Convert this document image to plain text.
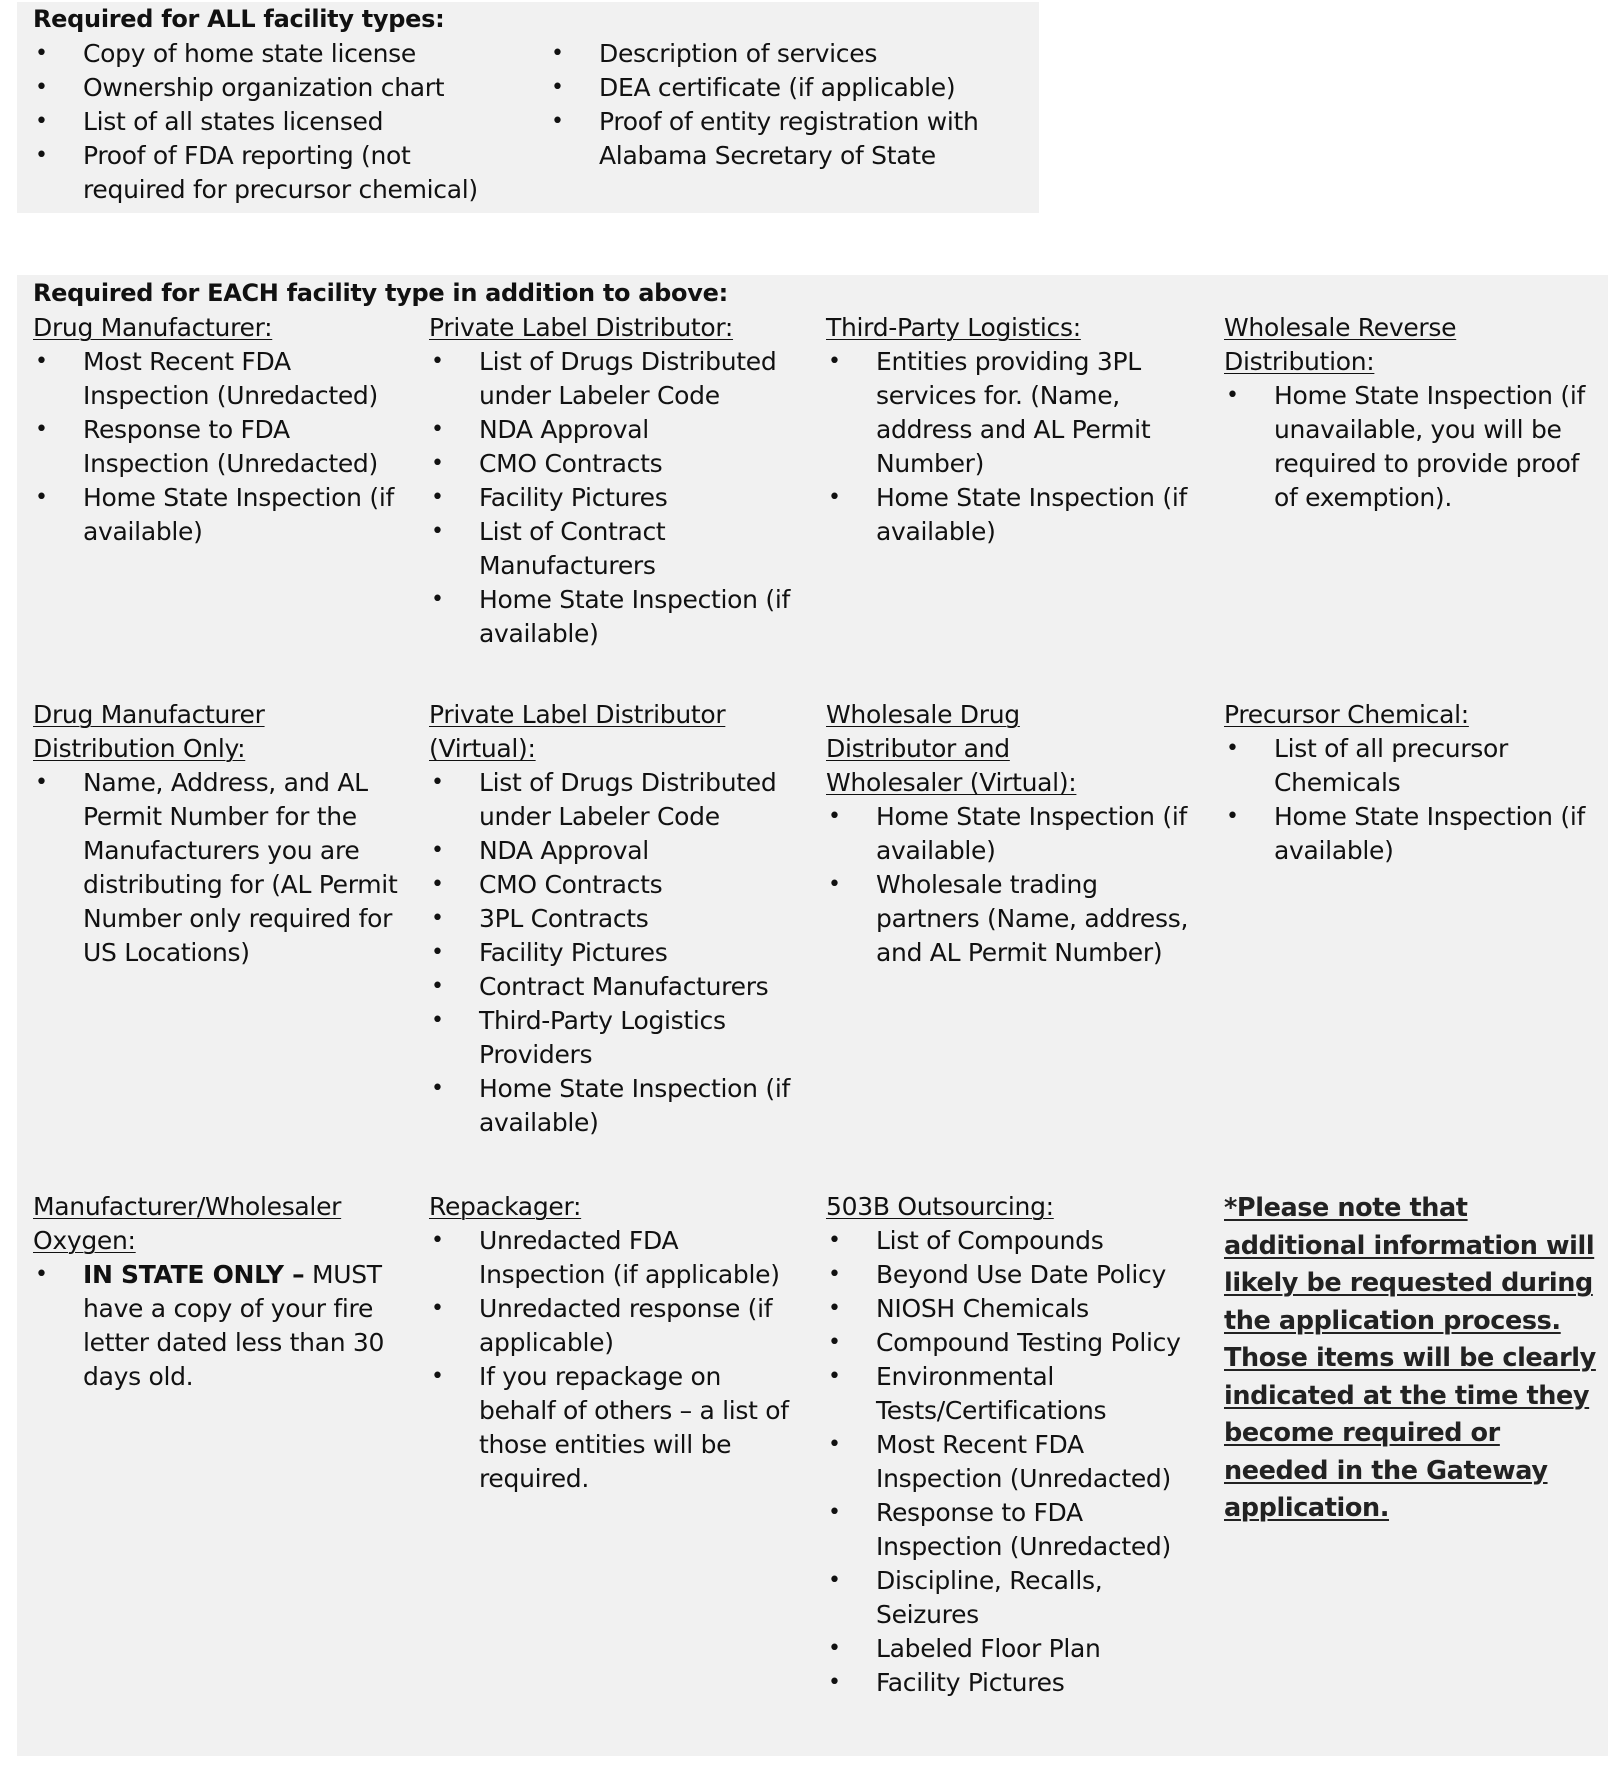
Required for ALL facility types:
• Copy of home state license
• Ownership organization chart
• List of all states licensed
• Proof of FDA reporting (not required for precursor chemical)
• Description of services
• DEA certificate (if applicable)
• Proof of entity registration with Alabama Secretary of State
Required for EACH facility type in addition to above:
Drug Manufacturer:
• Most Recent FDA Inspection (Unredacted)
• Response to FDA Inspection (Unredacted)
• Home State Inspection (if available)
Private Label Distributor:
• List of Drugs Distributed under Labeler Code
• NDA Approval
• CMO Contracts
• Facility Pictures
• List of Contract Manufacturers
• Home State Inspection (if available)
Third-Party Logistics:
• Entities providing 3PL services for. (Name, address and AL Permit Number)
• Home State Inspection (if available)
Wholesale Reverse Distribution:
• Home State Inspection (if unavailable, you will be required to provide proof of exemption).
Drug Manufacturer Distribution Only:
• Name, Address, and AL Permit Number for the Manufacturers you are distributing for (AL Permit Number only required for US Locations)
Private Label Distributor (Virtual):
• List of Drugs Distributed under Labeler Code
• NDA Approval
• CMO Contracts
• 3PL Contracts
• Facility Pictures
• Contract Manufacturers
• Third-Party Logistics Providers
• Home State Inspection (if available)
Wholesale Drug Distributor and Wholesaler (Virtual):
• Home State Inspection (if available)
• Wholesale trading partners (Name, address, and AL Permit Number)
Precursor Chemical:
• List of all precursor Chemicals
• Home State Inspection (if available)
Manufacturer/Wholesaler Oxygen:
• IN STATE ONLY – MUST have a copy of your fire letter dated less than 30 days old.
Repackager:
• Unredacted FDA Inspection (if applicable)
• Unredacted response (if applicable)
• If you repackage on behalf of others – a list of those entities will be required.
503B Outsourcing:
• List of Compounds
• Beyond Use Date Policy
• NIOSH Chemicals
• Compound Testing Policy
• Environmental Tests/Certifications
• Most Recent FDA Inspection (Unredacted)
• Response to FDA Inspection (Unredacted)
• Discipline, Recalls, Seizures
• Labeled Floor Plan
• Facility Pictures
*Please note that additional information will likely be requested during the application process. Those items will be clearly indicated at the time they become required or needed in the Gateway application.
